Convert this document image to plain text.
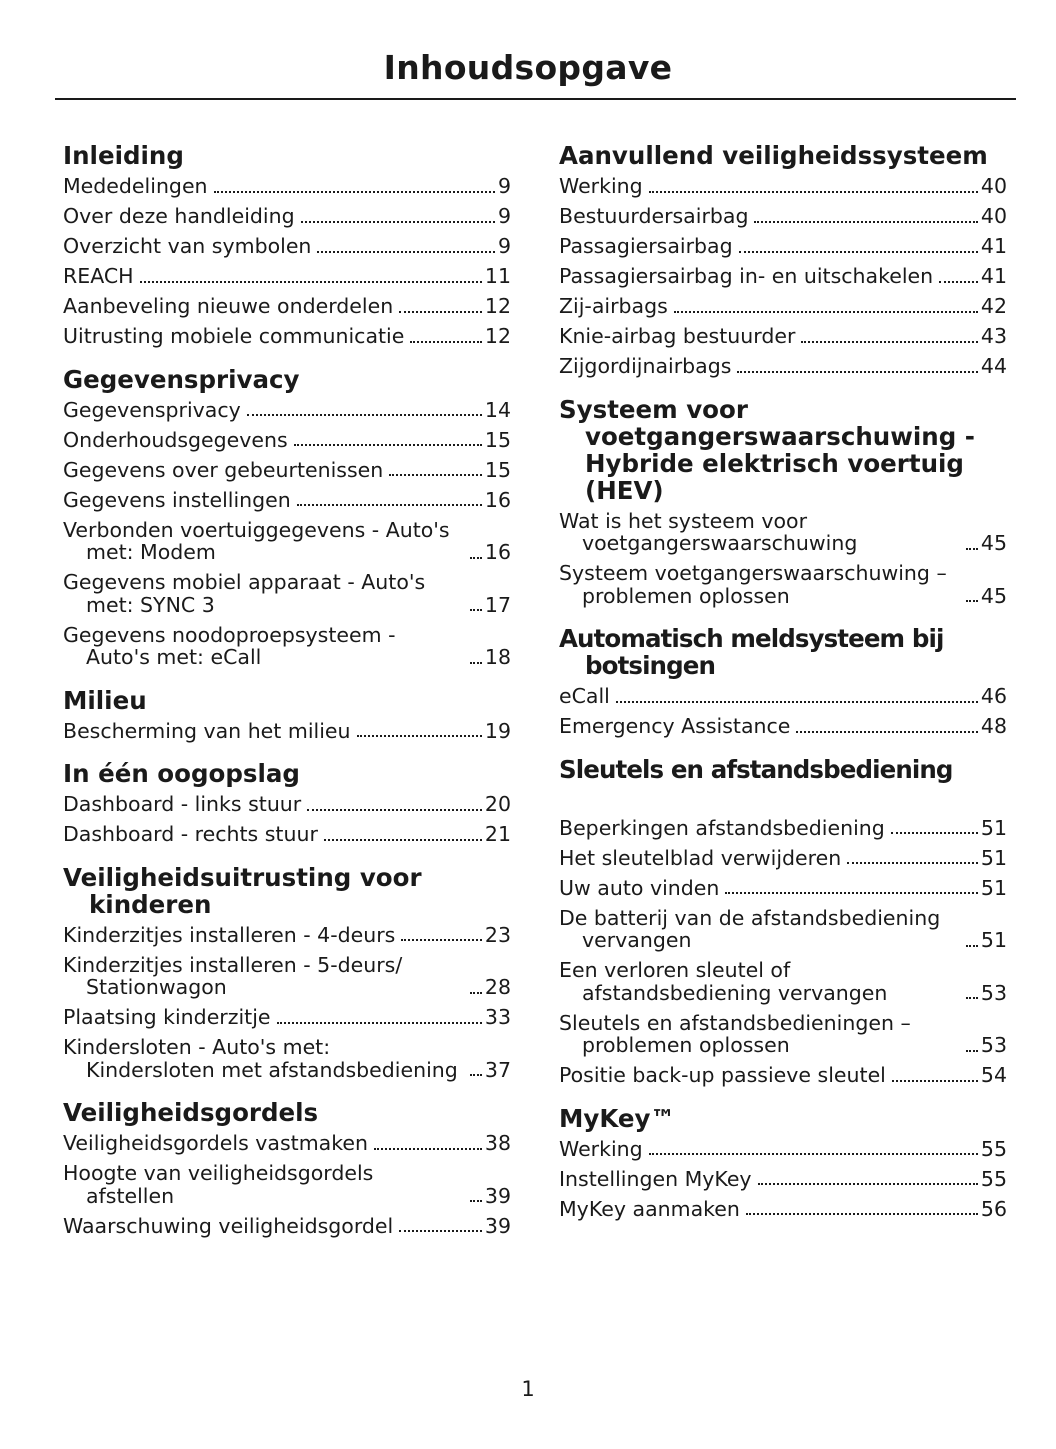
Inhoudsopgave
Inleiding
Mededelingen	9
Over deze handleiding	9
Overzicht van symbolen	9
REACH	11
Aanbeveling nieuwe onderdelen	12
Uitrusting mobiele communicatie	12
Gegevensprivacy
Gegevensprivacy	14
Onderhoudsgegevens	15
Gegevens over gebeurtenissen	15
Gegevens instellingen	16
Verbonden voertuiggegevens - Auto's met: Modem	16
Gegevens mobiel apparaat - Auto's met: SYNC 3	17
Gegevens noodoproepsysteem - Auto's met: eCall	18
Milieu
Bescherming van het milieu	19
In één oogopslag
Dashboard - links stuur	20
Dashboard - rechts stuur	21
Veiligheidsuitrusting voor kinderen
Kinderzitjes installeren - 4-deurs	23
Kinderzitjes installeren - 5-deurs/ Stationwagon	28
Plaatsing kinderzitje	33
Kindersloten - Auto's met: Kindersloten met afstandsbediening 37
Veiligheidsgordels
Veiligheidsgordels vastmaken	38
Hoogte van veiligheidsgordels afstellen	39
Waarschuwing veiligheidsgordel	39
Aanvullend veiligheidssysteem
Werking	40
Bestuurdersairbag	40
Passagiersairbag	41
Passagiersairbag in- en uitschakelen 41
Zij-airbags	42
Knie-airbag bestuurder	43
Zijgordijnairbags	44
Systeem voor voetgangerswaarschuwing - Hybride elektrisch voertuig (HEV)
Wat is het systeem voor voetgangerswaarschuwing	45
Systeem voetgangerswaarschuwing – problemen oplossen	45
Automatisch meldsysteem bij botsingen
eCall	46
Emergency Assistance	48
Sleutels en afstandsbediening
Beperkingen afstandsbediening	51
Het sleutelblad verwijderen	51
Uw auto vinden	51
De batterij van de afstandsbediening vervangen	51
Een verloren sleutel of afstandsbediening vervangen	53
Sleutels en afstandsbedieningen – problemen oplossen	53
Positie back-up passieve sleutel	54
MyKey™
Werking	55
Instellingen MyKey	55
MyKey aanmaken	56
1
